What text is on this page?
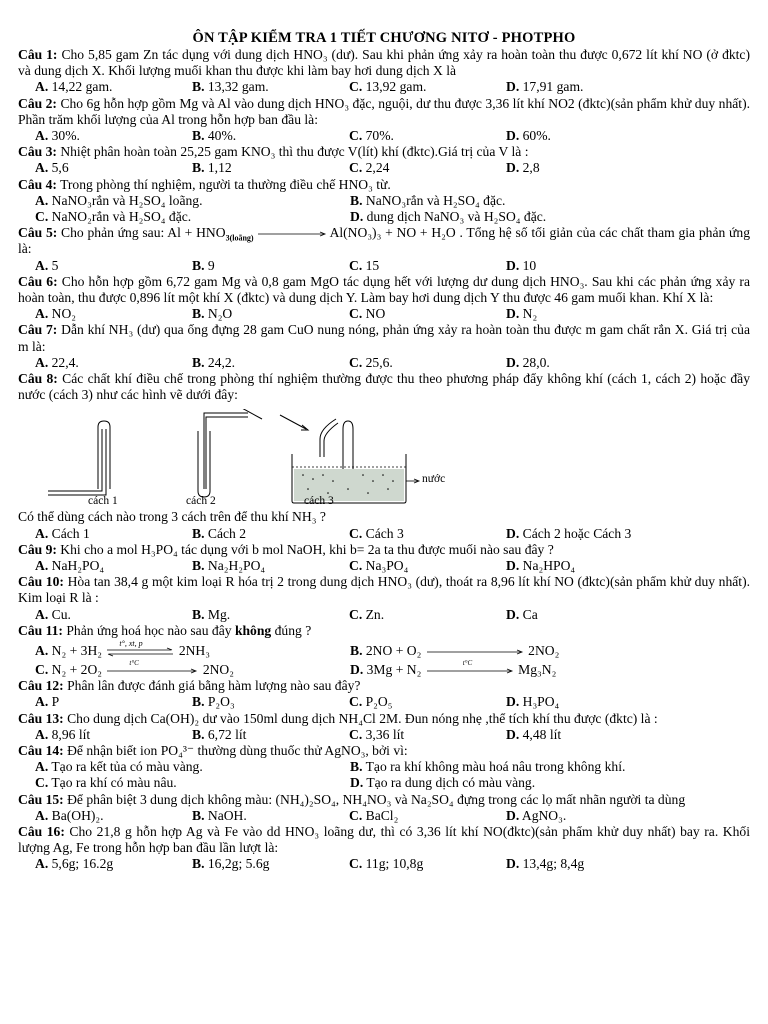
ÔN TẬP KIỂM TRA 1 TIẾT CHƯƠNG NITƠ - PHOTPHO
Câu 1: Cho 5,85 gam Zn tác dụng với dung dịch HNO₃ (dư). Sau khi phản ứng xảy ra hoàn toàn thu được 0,672 lít khí NO (ở đktc) và dung dịch X. Khối lượng muối khan thu được khi làm bay hơi dung dịch X là
A. 14,22 gam.	B. 13,32 gam.	C. 13,92 gam.	D. 17,91 gam.
Câu 2: Cho 6g hỗn hợp gồm Mg và Al vào dung dịch HNO₃ đặc, nguội, dư thu được 3,36 lít khí NO2 (đktc)(sản phẩm khử duy nhất). Phần trăm khối lượng của Al trong hỗn hợp ban đầu là:
A. 30%.	B. 40%.	C. 70%.	D. 60%.
Câu 3: Nhiệt phân hoàn toàn 25,25 gam KNO₃ thì thu được V(lít) khí (đktc).Giá trị của V là :
A. 5,6	B. 1,12	C. 2,24	D. 2,8
Câu 4: Trong phòng thí nghiệm, người ta thường điều chế HNO₃ từ.
A. NaNO₃rắn và H₂SO₄ loãng.	B. NaNO₃rắn và H₂SO₄ đặc.
C. NaNO₂rắn và H₂SO₄ đặc.	D. dung dịch NaNO₃ và H₂SO₄ đặc.
Câu 5: Cho phản ứng sau: $Al + HNO_{3(loãng)}$	Al(NO₃)₃ + NO + H₂O . Tổng hệ số tối giản của các chất tham gia phản ứng là:
A. 5	B. 9	C. 15	D. 10
Câu 6: Cho hỗn hợp gồm 6,72 gam Mg và 0,8 gam MgO tác dụng hết với lượng dư dung dịch HNO₃. Sau khi các phản ứng xảy ra hoàn toàn, thu được 0,896 lít một khí X (đktc) và dung dịch Y. Làm bay hơi dung dịch Y thu được 46 gam muối khan. Khí X là:
A. NO₂	B. N₂O	C. NO	D. N₂
Câu 7: Dẫn khí NH₃ (dư) qua ống đựng 28 gam CuO nung nóng, phản ứng xảy ra hoàn toàn thu được m gam chất rắn X. Giá trị của m là:
A. 22,4.	B. 24,2.	C. 25,6.	D. 28,0.
Câu 8: Các chất khí điều chế trong phòng thí nghiệm thường được thu theo phương pháp đẩy không khí (cách 1, cách 2) hoặc đầy nước (cách 3) như các hình vẽ dưới đây:
cách 1	cách 2	cách 3
nước
Có thể dùng cách nào trong 3 cách trên để thu khí NH₃ ?
A. Cách 1	B. Cách 2	C. Cách 3	D. Cách 2 hoặc Cách 3
Câu 9: Khi cho a mol H₃PO₄ tác dụng với b mol NaOH, khi b= 2a ta thu được muối nào sau đây ?
A. NaH₂PO₄	B. Na₂H₂PO₄	C. Na₃PO₄	D. Na₂HPO₄
Câu 10: Hòa tan 38,4 g một kim loại R hóa trị 2 trong dung dịch HNO₃ (dư), thoát ra 8,96 lít khí NO (đktc)(sản phẩm khử duy nhất). Kim loại R là :
A. Cu.	B. Mg.	C. Zn.	D. Ca
Câu 11: Phản ứng hoá học nào sau đây không đúng ?
A. N₂ + 3H₂ t°, xt, p	2NH₃	B. 2NO + O₂	2NO₂
C. N₂ + 2O₂	t°C	2NO₂	D. 3Mg + N₂	t°C	Mg₃N₂
Câu 12: Phân lân được đánh giá bằng hàm lượng nào sau đây?
A. P	B. P₂O₃	C. P₂O₅	D. H₃PO₄
Câu 13: Cho dung dịch Ca(OH)₂ dư vào 150ml dung dịch NH₄Cl 2M. Đun nóng nhẹ ,thể tích khí thu được (đktc) là :
A. 8,96 lít	B. 6,72 lít	C. 3,36 lít	D. 4,48 lít
Câu 14: Để nhận biết ion PO₄³⁻ thường dùng thuốc thử AgNO₃, bởi vì:
A. Tạo ra kết tủa có màu vàng.	B. Tạo ra khí không màu hoá nâu trong không khí.
C. Tạo ra khí có màu nâu.	D. Tạo ra dung dịch có màu vàng.
Câu 15: Để phân biệt 3 dung dịch không màu: (NH₄)₂SO₄, NH₄NO₃ và Na₂SO₄ đựng trong các lọ mất nhãn người ta dùng
A. Ba(OH)₂.	B. NaOH.	C. BaCl₂	D. AgNO₃.
Câu 16: Cho 21,8 g hỗn hợp Ag và Fe vào dd HNO₃ loãng dư, thì có 3,36 lít khí NO(đktc)(sản phẩm khử duy nhất) bay ra. Khối lượng Ag, Fe trong hỗn hợp ban đầu lần lượt là:
A. 5,6g; 16.2g	B. 16,2g; 5.6g	C. 11g; 10,8g	D. 13,4g; 8,4g
